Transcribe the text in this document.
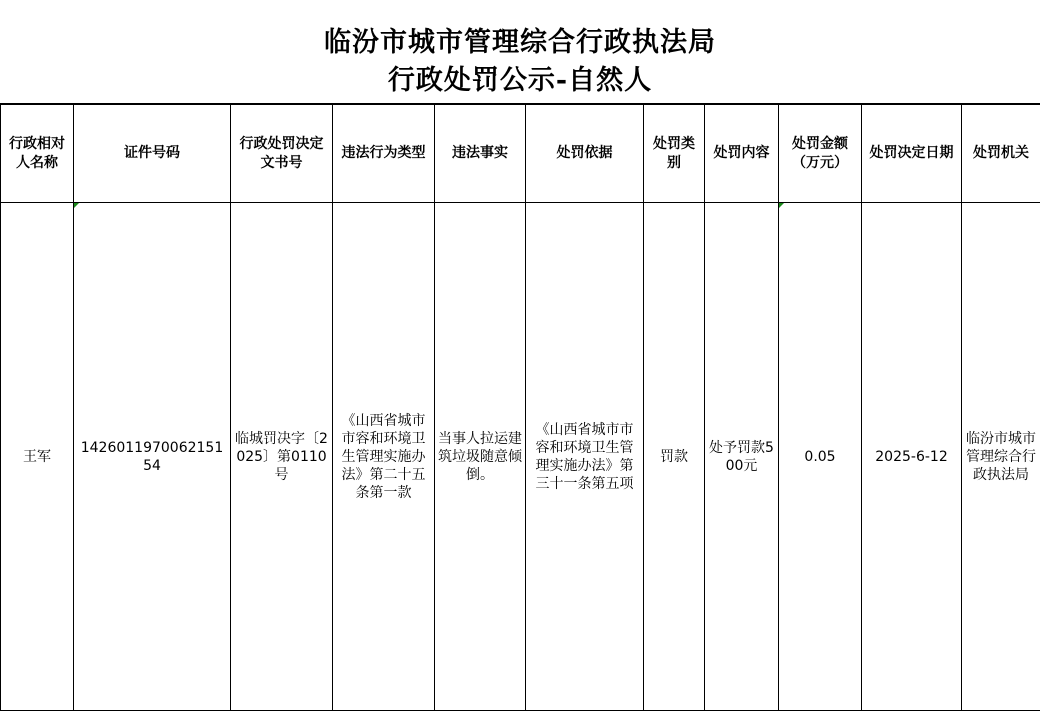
临汾市城市管理综合行政执法局
行政处罚公示-自然人
行政相对人名称	证件号码	行政处罚决定文书号	违法行为类型	违法事实	处罚依据	处罚类别	处罚内容	处罚金额（万元）	处罚决定日期	处罚机关
王军	142601197006215154	临城罚决字〔2025〕第0110号	《山西省城市市容和环境卫生管理实施办法》第二十五条第一款	当事人拉运建筑垃圾随意倾倒。	《山西省城市市容和环境卫生管理实施办法》第三十一条第五项	罚款	处予罚款500元	0.05	2025-6-12	临汾市城市管理综合行政执法局
